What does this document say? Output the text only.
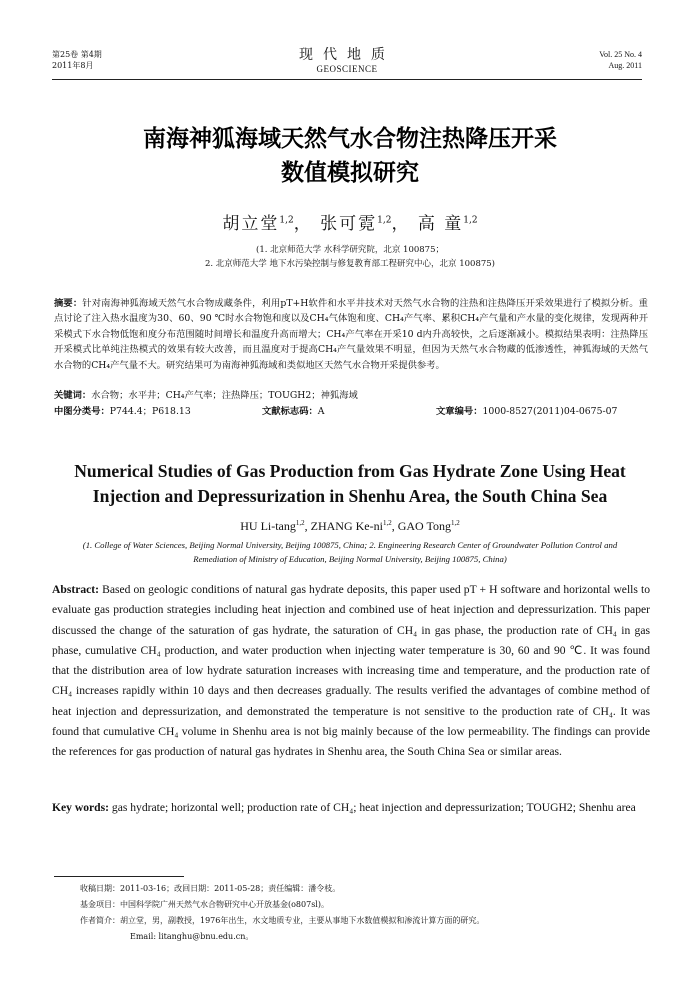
第25卷 第4期
2011年8月
现代地质
GEOSCIENCE
Vol. 25 No. 4
Aug. 2011
南海神狐海域天然气水合物注热降压开采
数值模拟研究
胡立堂$^{1,2}$， 张可霓$^{1,2}$， 高 童$^{1,2}$
(1. 北京师范大学 水科学研究院，北京 100875；
2. 北京师范大学 地下水污染控制与修复教育部工程研究中心，北京 100875)
摘要：针对南海神狐海域天然气水合物成藏条件，利用pT+H软件和水平井技术对天然气水合物的注热和注热降压开采效果进行了模拟分析。重点讨论了注入热水温度为30、60、90 ℃时水合物饱和度以及CH₄气体饱和度、CH₄产气率、累积CH₄产气量和产水量的变化规律，发现两种开采模式下水合物低饱和度分布范围随时间增长和温度升高而增大；CH₄产气率在开采10 d内升高较快，之后逐渐减小。模拟结果表明：注热降压开采模式比单纯注热模式的效果有较大改善，而且温度对于提高CH₄产气量效果不明显，但因为天然气水合物藏的低渗透性，神狐海域的天然气水合物的CH₄产气量不大。研究结果可为南海神狐海域和类似地区天然气水合物开采提供参考。
关键词：水合物；水平井；CH₄产气率；注热降压；TOUGH2；神狐海域
中图分类号：P744.4；P618.13	文献标志码：A	文章编号：1000-8527(2011)04-0675-07
Numerical Studies of Gas Production from Gas Hydrate Zone Using Heat
Injection and Depressurization in Shenhu Area, the South China Sea
HU Li-tang$^{1,2}$, ZHANG Ke-ni$^{1,2}$, GAO Tong$^{1,2}$
(1. College of Water Sciences, Beijing Normal University, Beijing 100875, China; 2. Engineering Research Center of Groundwater Pollution Control and Remediation of Ministry of Education, Beijing Normal University, Beijing 100875, China)
Abstract: Based on geologic conditions of natural gas hydrate deposits, this paper used pT + H software and horizontal wells to evaluate gas production strategies including heat injection and combined use of heat injection and depressurization. This paper discussed the change of the saturation of gas hydrate, the saturation of CH₄ in gas phase, the production rate of CH₄ in gas phase, cumulative CH₄ production, and water production when injecting water temperature is 30, 60 and 90 ℃. It was found that the distribution area of low hydrate saturation increases with increasing time and temperature, and the production rate of CH₄ increases rapidly within 10 days and then decreases gradually. The results verified the advantages of combine method of heat injection and depressurization, and demonstrated the temperature is not sensitive to the production rate of CH₄. It was found that cumulative CH₄ volume in Shenhu area is not big mainly because of the low permeability. The findings can provide the references for gas production of natural gas hydrates in Shenhu area, the South China Sea or similar areas.
Key words: gas hydrate; horizontal well; production rate of CH₄; heat injection and depressurization; TOUGH2; Shenhu area
收稿日期：2011-03-16；改回日期：2011-05-28；责任编辑：潘令枝。
基金项目：中国科学院广州天然气水合物研究中心开放基金(o807sl)。
作者简介：胡立堂，男，副教授，1976年出生，水文地质专业，主要从事地下水数值模拟和渗流计算方面的研究。
Email: litanghu@bnu.edu.cn。
